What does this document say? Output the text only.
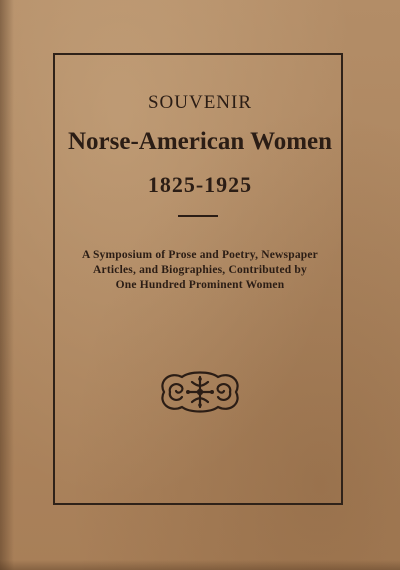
SOUVENIR
Norse-American Women
1825-1925
A Symposium of Prose and Poetry, Newspaper
Articles, and Biographies, Contributed by
One Hundred Prominent Women
